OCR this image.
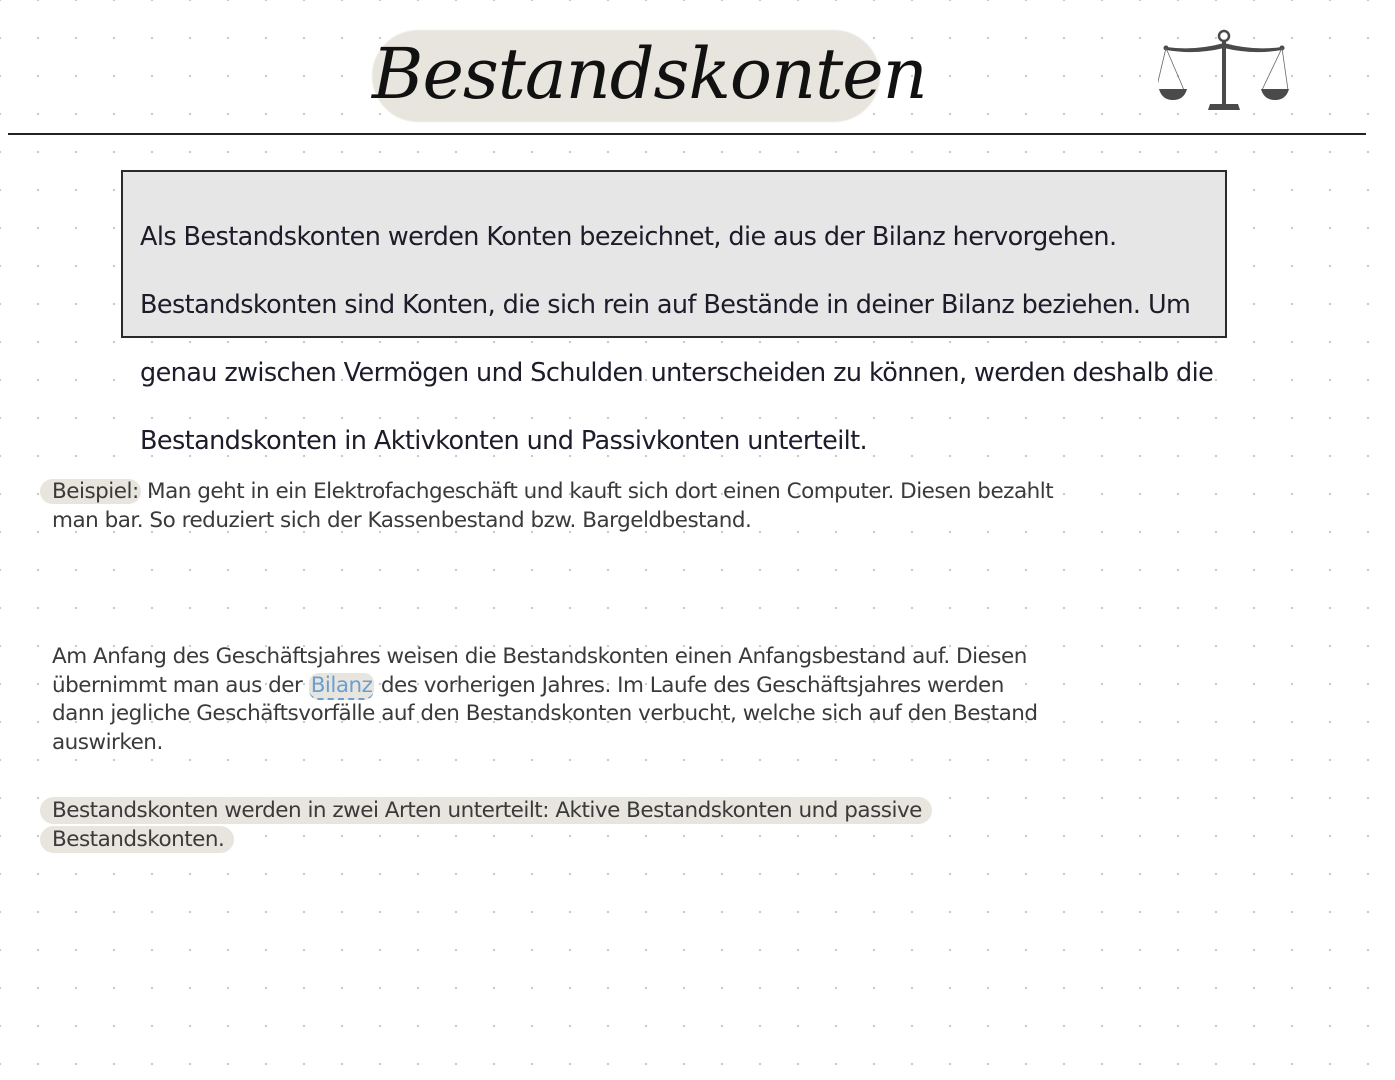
Bestandskonten

Als Bestandskonten werden Konten bezeichnet, die aus der Bilanz hervorgehen.

Bestandskonten sind Konten, die sich rein auf Bestände in deiner Bilanz beziehen. Um

genau zwischen Vermögen und Schulden unterscheiden zu können, werden deshalb die

Bestandskonten in Aktivkonten und Passivkonten unterteilt.

Beispiel: Man geht in ein Elektrofachgeschäft und kauft sich dort einen Computer. Diesen bezahlt
man bar. So reduziert sich der Kassenbestand bzw. Bargeldbestand.
Am Anfang des Geschäftsjahres weisen die Bestandskonten einen Anfangsbestand auf. Diesen
übernimmt man aus der Bilanz des vorherigen Jahres. Im Laufe des Geschäftsjahres werden
dann jegliche Geschäftsvorfälle auf den Bestandskonten verbucht, welche sich auf den Bestand
auswirken.
Bestandskonten werden in zwei Arten unterteilt: Aktive Bestandskonten und passive
Bestandskonten.
